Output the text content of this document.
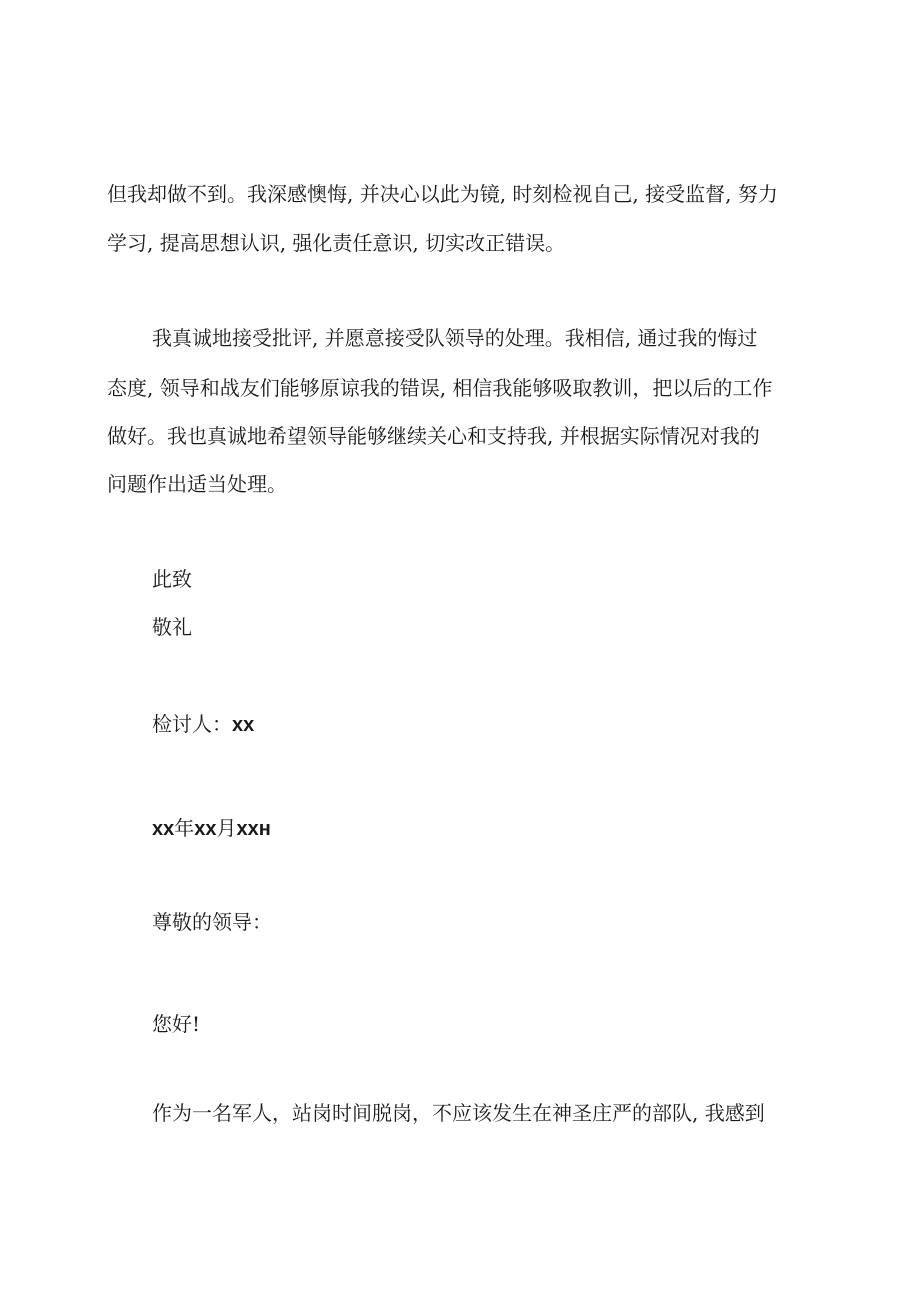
但我却做不到。我深感懊悔, 并决心以此为镜, 时刻检视自己, 接受监督, 努力

学习, 提高思想认识, 强化责任意识, 切实改正错误。

我真诚地接受批评, 并愿意接受队领导的处理。我相信, 通过我的悔过

态度, 领导和战友们能够原谅我的错误, 相信我能够吸取教训，把以后的工作

做好。我也真诚地希望领导能够继续关心和支持我, 并根据实际情况对我的

问题作出适当处理。

此致

敬礼

检讨人：xx

xx年xx月xxн

尊敬的领导：

您好!

作为一名军人，站岗时间脱岗，不应该发生在神圣庄严的部队, 我感到
